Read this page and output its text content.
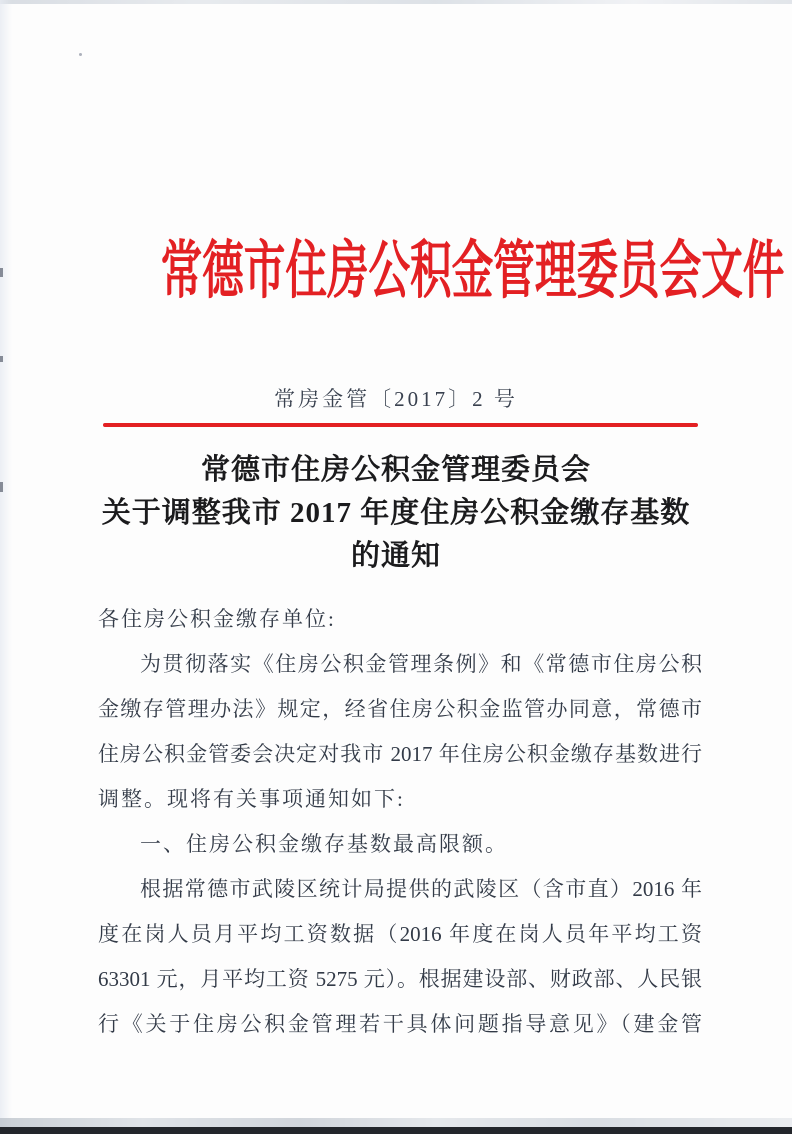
常德市住房公积金管理委员会文件
常房金管〔2017〕2 号
常德市住房公积金管理委员会
关于调整我市 2017 年度住房公积金缴存基数
的通知
各住房公积金缴存单位:
为贯彻落实《住房公积金管理条例》和《常德市住房公积
金缴存管理办法》规定，经省住房公积金监管办同意，常德市
住房公积金管委会决定对我市 2017 年住房公积金缴存基数进行
调整。现将有关事项通知如下:
一、住房公积金缴存基数最高限额。
根据常德市武陵区统计局提供的武陵区（含市直）2016 年
度在岗人员月平均工资数据（2016 年度在岗人员年平均工资
63301 元，月平均工资 5275 元）。根据建设部、财政部、人民银
行《关于住房公积金管理若干具体问题指导意见》（建金管
